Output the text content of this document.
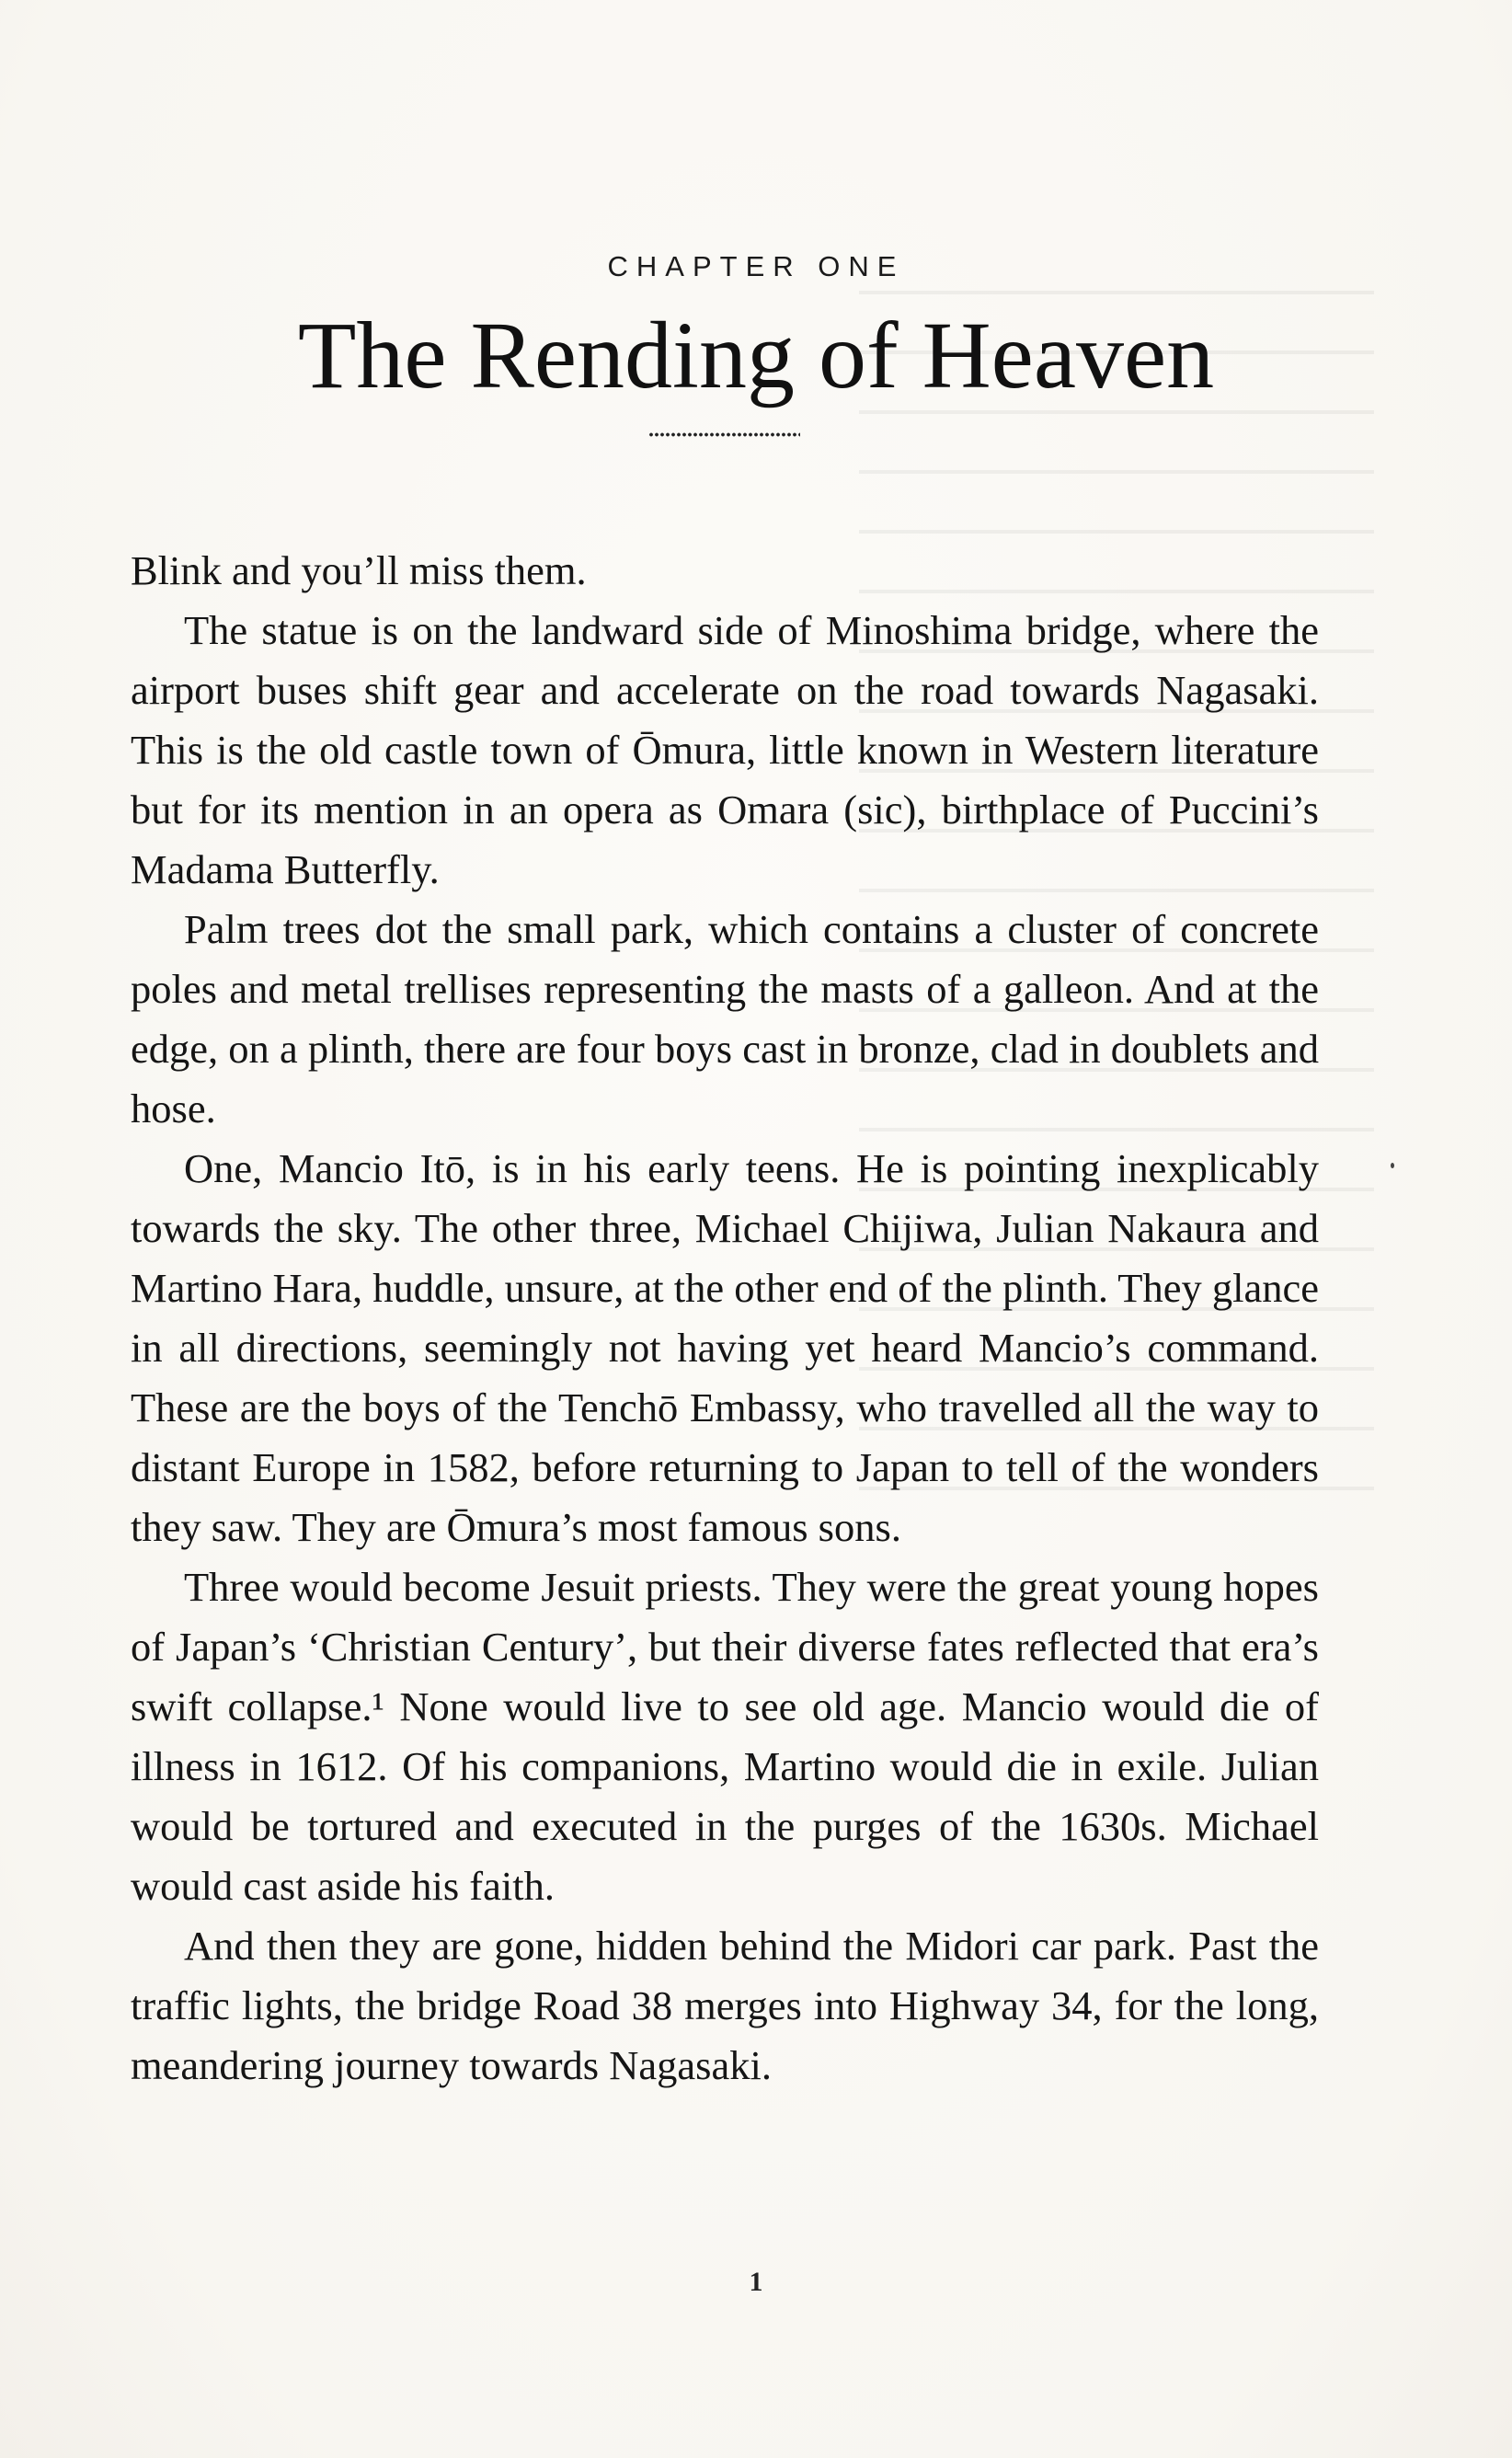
CHAPTER ONE
The Rending of Heaven

Blink and you’ll miss them.

The statue is on the landward side of Minoshima bridge, where the airport buses shift gear and accelerate on the road towards Nagasaki. This is the old castle town of Ōmura, little known in Western literature but for its mention in an opera as Omara (sic), birthplace of Puccini’s Madama Butterfly.

Palm trees dot the small park, which contains a cluster of concrete poles and metal trellises representing the masts of a galleon. And at the edge, on a plinth, there are four boys cast in bronze, clad in doublets and hose.

One, Mancio Itō, is in his early teens. He is pointing inexplicably towards the sky. The other three, Michael Chijiwa, Julian Nakaura and Martino Hara, huddle, unsure, at the other end of the plinth. They glance in all directions, seemingly not having yet heard Mancio’s command. These are the boys of the Tenchō Embassy, who travelled all the way to distant Europe in 1582, before returning to Japan to tell of the wonders they saw. They are Ōmura’s most famous sons.

Three would become Jesuit priests. They were the great young hopes of Japan’s ‘Christian Century’, but their diverse fates reflected that era’s swift collapse.¹ None would live to see old age. Mancio would die of illness in 1612. Of his companions, Martino would die in exile. Julian would be tortured and executed in the purges of the 1630s. Michael would cast aside his faith.

And then they are gone, hidden behind the Midori car park. Past the traffic lights, the bridge Road 38 merges into Highway 34, for the long, meandering journey towards Nagasaki.

1
